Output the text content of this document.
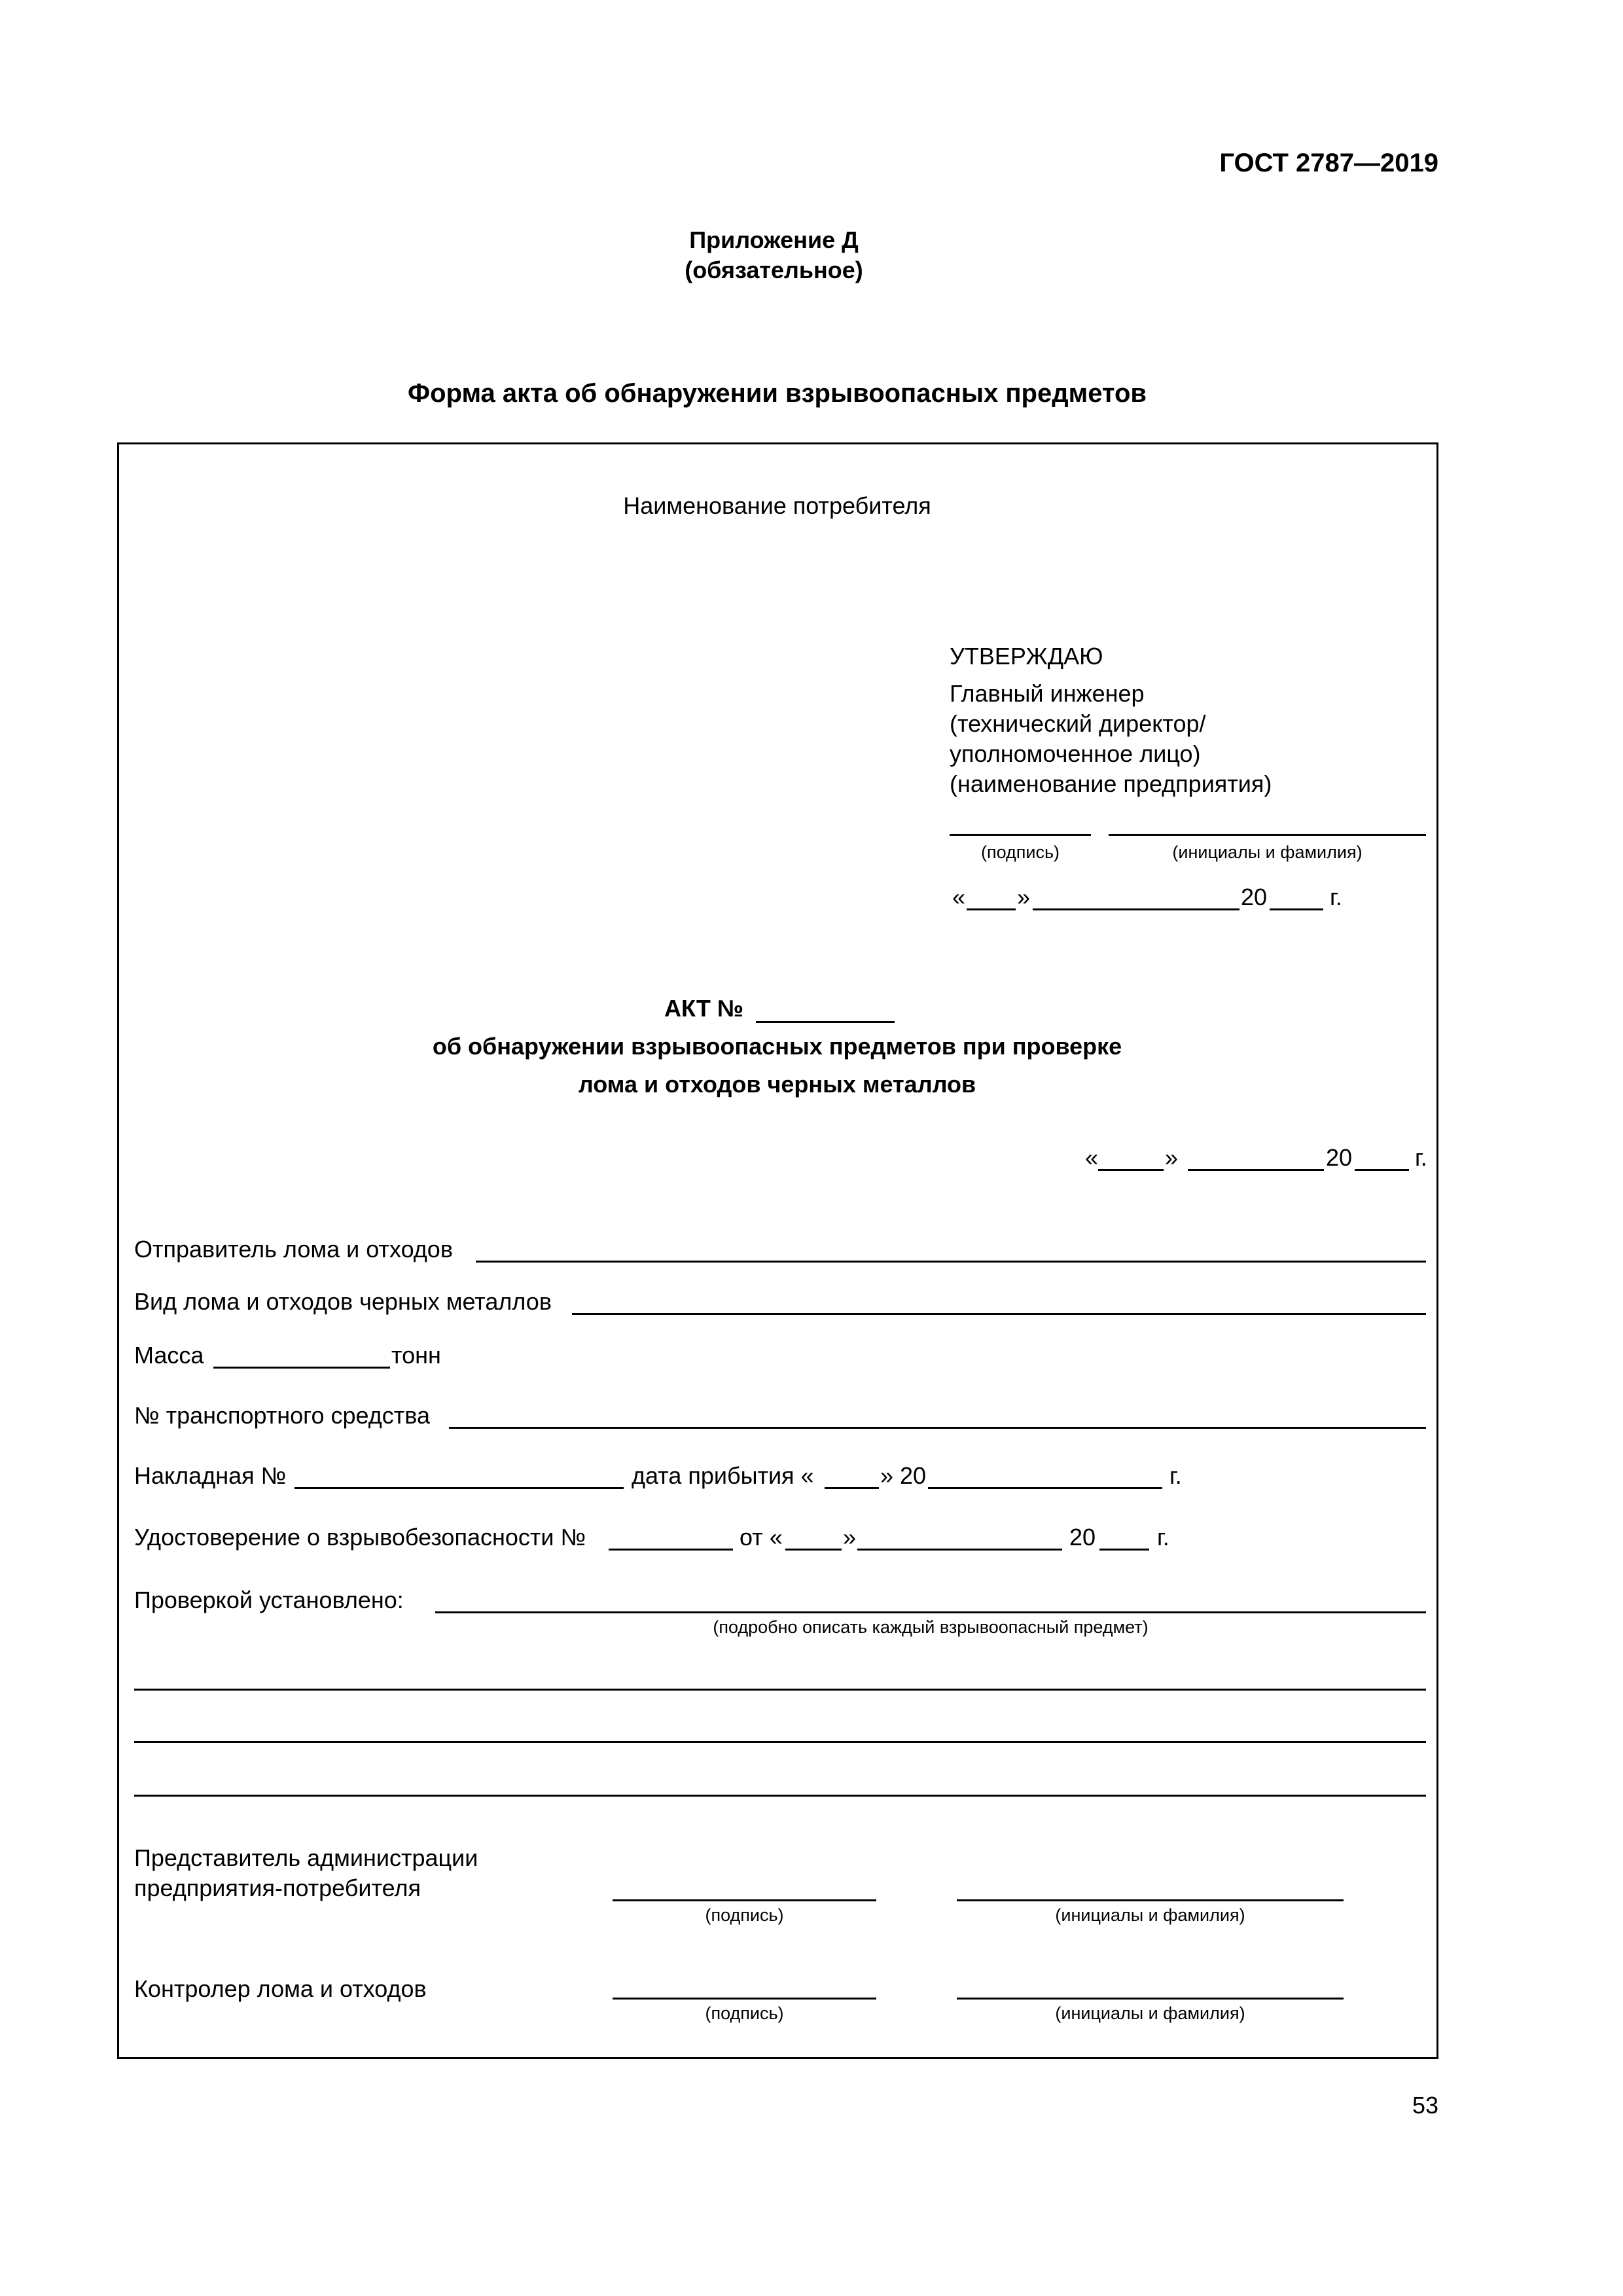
ГОСТ 2787—2019
Приложение Д
(обязательное)
Форма акта об обнаружении взрывоопасных предметов
Наименование потребителя
УТВЕРЖДАЮ
Главный инженер
(технический директор/
уполномоченное лицо)
(наименование предприятия)
(подпись)	(инициалы и фамилия)
« »	20	г.
АКТ №
об обнаружении взрывоопасных предметов при проверке
лома и отходов черных металлов
«	»	20	г.
Отправитель лома и отходов
Вид лома и отходов черных металлов
Масса	тонн
№ транспортного средства
Накладная №	дата прибытия «	» 20	г.
Удостоверение о взрывобезопасности №	от «	»	20	г.
Проверкой установлено:
(подробно описать каждый взрывоопасный предмет)
Представитель администрации
предприятия-потребителя
(подпись)	(инициалы и фамилия)
Контролер лома и отходов
(подпись)	(инициалы и фамилия)
53
